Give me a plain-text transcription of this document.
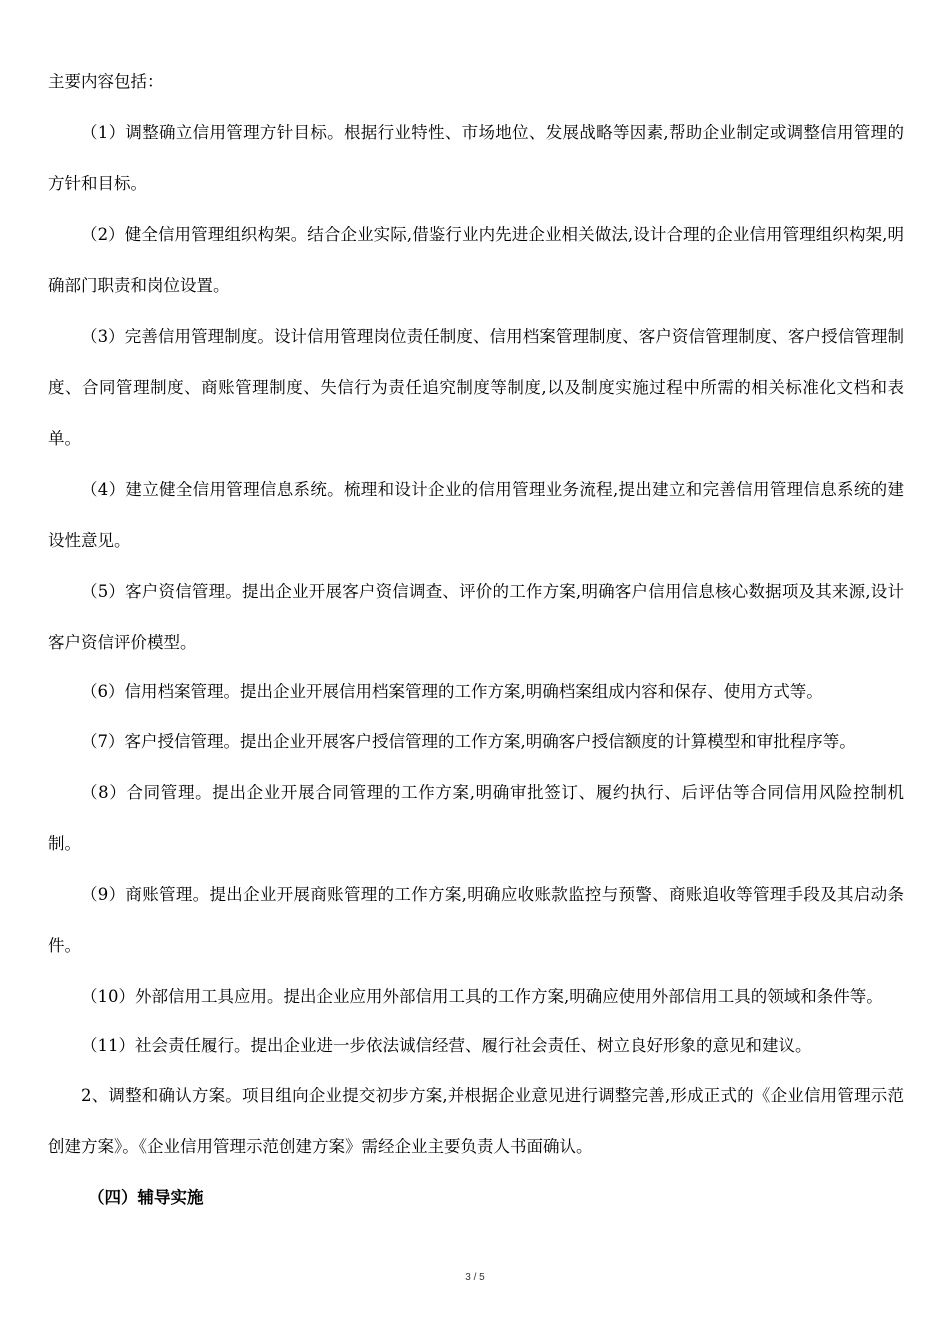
主要内容包括：

（1）调整确立信用管理方针目标。根据行业特性、市场地位、发展战略等因素,帮助企业制定或调整信用管理的方针和目标。

（2）健全信用管理组织构架。结合企业实际,借鉴行业内先进企业相关做法,设计合理的企业信用管理组织构架,明确部门职责和岗位设置。

（3）完善信用管理制度。设计信用管理岗位责任制度、信用档案管理制度、客户资信管理制度、客户授信管理制度、合同管理制度、商账管理制度、失信行为责任追究制度等制度,以及制度实施过程中所需的相关标准化文档和表单。

（4）建立健全信用管理信息系统。梳理和设计企业的信用管理业务流程,提出建立和完善信用管理信息系统的建设性意见。

（5）客户资信管理。提出企业开展客户资信调查、评价的工作方案,明确客户信用信息核心数据项及其来源,设计客户资信评价模型。

（6）信用档案管理。提出企业开展信用档案管理的工作方案,明确档案组成内容和保存、使用方式等。

（7）客户授信管理。提出企业开展客户授信管理的工作方案,明确客户授信额度的计算模型和审批程序等。

（8）合同管理。提出企业开展合同管理的工作方案,明确审批签订、履约执行、后评估等合同信用风险控制机制。

（9）商账管理。提出企业开展商账管理的工作方案,明确应收账款监控与预警、商账追收等管理手段及其启动条件。

（10）外部信用工具应用。提出企业应用外部信用工具的工作方案,明确应使用外部信用工具的领域和条件等。

（11）社会责任履行。提出企业进一步依法诚信经营、履行社会责任、树立良好形象的意见和建议。

2、调整和确认方案。项目组向企业提交初步方案,并根据企业意见进行调整完善,形成正式的《企业信用管理示范创建方案》。《企业信用管理示范创建方案》需经企业主要负责人书面确认。

（四）辅导实施

3 / 5
